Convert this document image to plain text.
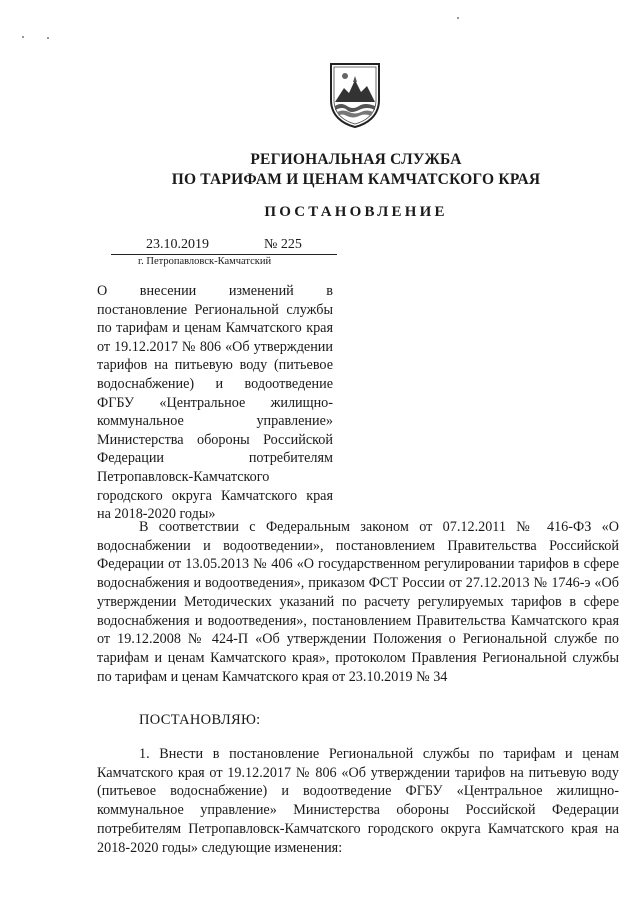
РЕГИОНАЛЬНАЯ СЛУЖБА
ПО ТАРИФАМ И ЦЕНАМ КАМЧАТСКОГО КРАЯ
ПОСТАНОВЛЕНИЕ
23.10.2019	№ 225
г. Петропавловск-Камчатский
О внесении изменений в постановление Региональной службы по тарифам и ценам Камчатского края от 19.12.2017 № 806 «Об утверждении тарифов на питьевую воду (питьевое водоснабжение) и водоотведение ФГБУ «Центральное жилищно-коммунальное управление» Министерства обороны Российской Федерации потребителям Петропавловск-Камчатского городского округа Камчатского края на 2018-2020 годы»
В соответствии с Федеральным законом от 07.12.2011 № 416-ФЗ «О водоснабжении и водоотведении», постановлением Правительства Российской Федерации от 13.05.2013 № 406 «О государственном регулировании тарифов в сфере водоснабжения и водоотведения», приказом ФСТ России от 27.12.2013 № 1746-э «Об утверждении Методических указаний по расчету регулируемых тарифов в сфере водоснабжения и водоотведения», постановлением Правительства Камчатского края от 19.12.2008 № 424-П «Об утверждении Положения о Региональной службе по тарифам и ценам Камчатского края», протоколом Правления Региональной службы по тарифам и ценам Камчатского края от 23.10.2019 № 34
ПОСТАНОВЛЯЮ:
1. Внести в постановление Региональной службы по тарифам и ценам Камчатского края от 19.12.2017 № 806 «Об утверждении тарифов на питьевую воду (питьевое водоснабжение) и водоотведение ФГБУ «Центральное жилищно-коммунальное управление» Министерства обороны Российской Федерации потребителям Петропавловск-Камчатского городского округа Камчатского края на 2018-2020 годы» следующие изменения:
